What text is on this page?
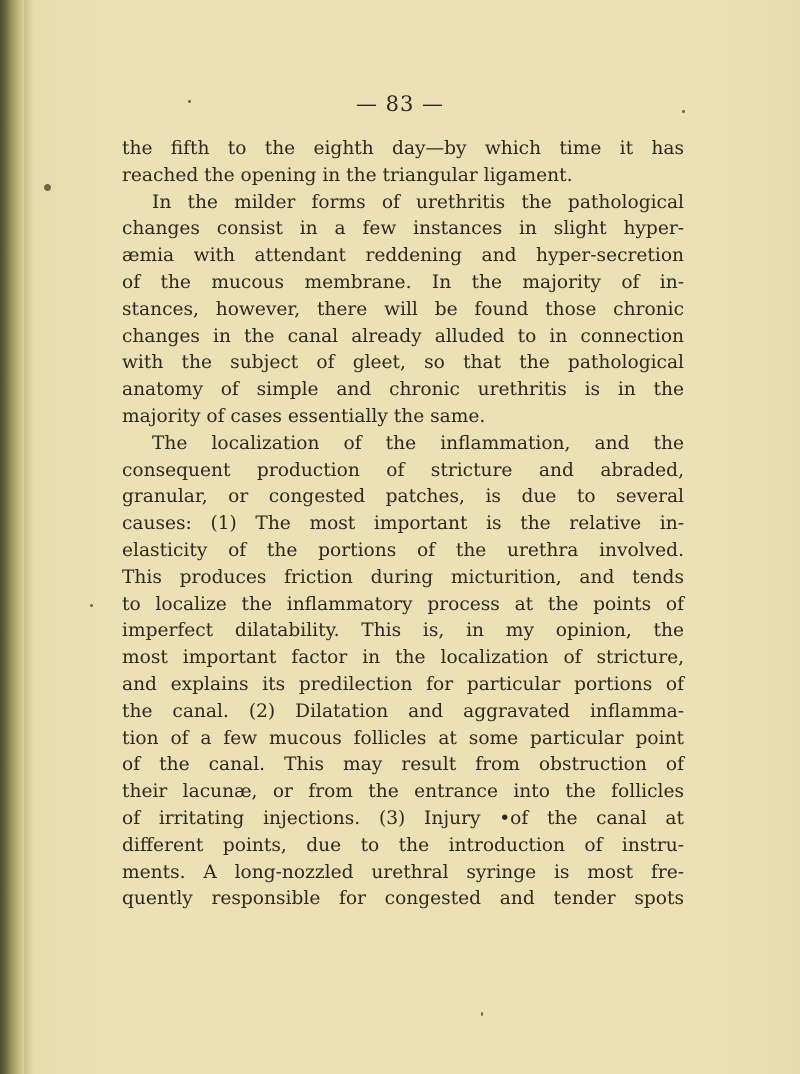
— 83 —
the fifth to the eighth day—by which time it has
reached the opening in the triangular ligament.
In the milder forms of urethritis the pathological
changes consist in a few instances in slight hyper-
æmia with attendant reddening and hyper-secretion
of the mucous membrane. In the majority of in-
stances, however, there will be found those chronic
changes in the canal already alluded to in connection
with the subject of gleet, so that the pathological
anatomy of simple and chronic urethritis is in the
majority of cases essentially the same.
The localization of the inflammation, and the
consequent production of stricture and abraded,
granular, or congested patches, is due to several
causes: (1) The most important is the relative in-
elasticity of the portions of the urethra involved.
This produces friction during micturition, and tends
to localize the inflammatory process at the points of
imperfect dilatability. This is, in my opinion, the
most important factor in the localization of stricture,
and explains its predilection for particular portions of
the canal. (2) Dilatation and aggravated inflamma-
tion of a few mucous follicles at some particular point
of the canal. This may result from obstruction of
their lacunæ, or from the entrance into the follicles
of irritating injections. (3) Injury •of the canal at
different points, due to the introduction of instru-
ments. A long-nozzled urethral syringe is most fre-
quently responsible for congested and tender spots
